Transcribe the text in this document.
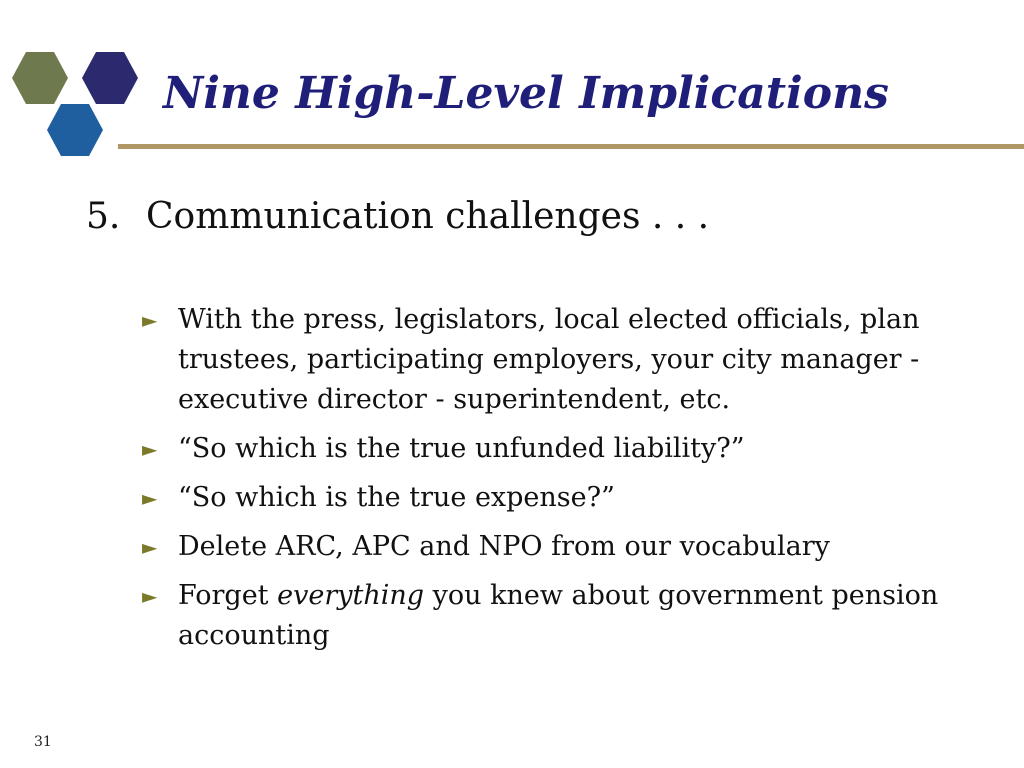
Nine High-Level Implications
5. Communication challenges . . .
► With the press, legislators, local elected officials, plan trustees, participating employers, your city manager - executive director - superintendent, etc.
► “So which is the true unfunded liability?”
► “So which is the true expense?”
► Delete ARC, APC and NPO from our vocabulary
► Forget everything you knew about government pension accounting
31
